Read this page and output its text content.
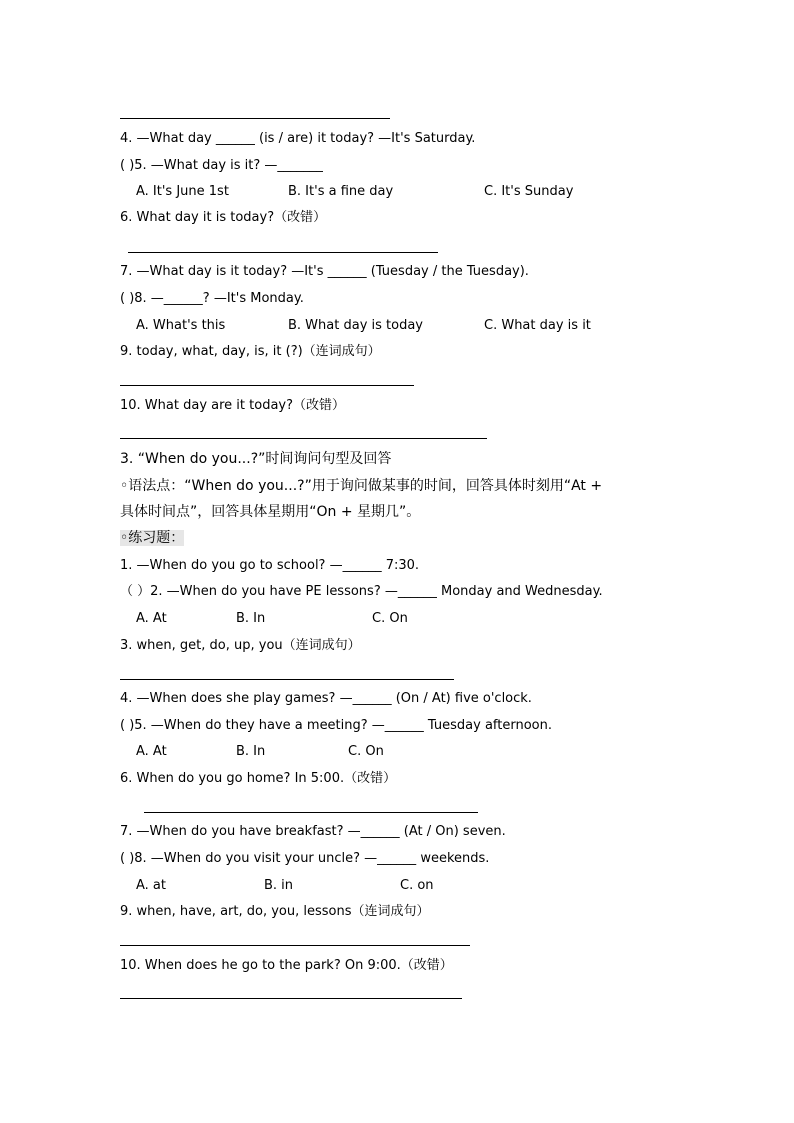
4. —What day ______ (is / are) it today? —It's Saturday.
( )5. —What day is it? —_______
A. It's June 1st	B. It's a fine day	C. It's Sunday
6. What day it is today?（改错）
7. —What day is it today? —It's ______ (Tuesday / the Tuesday).
( )8. —______? —It's Monday.
A. What's this	B. What day is today	C. What day is it
9. today, what, day, is, it (?)（连词成句）
10. What day are it today?（改错）
3. “When do you...?”时间询问句型及回答
◦语法点：“When do you...?”用于询问做某事的时间，回答具体时刻用“At +
具体时间点”，回答具体星期用“On + 星期几”。
◦练习题：
1. —When do you go to school? —______ 7:30.
（ ）2. —When do you have PE lessons? —______ Monday and Wednesday.
A. At	B. In	C. On
3. when, get, do, up, you（连词成句）
4. —When does she play games? —______ (On / At) five o'clock.
( )5. —When do they have a meeting? —______ Tuesday afternoon.
A. At	B. In	C. On
6. When do you go home? In 5:00.（改错）
7. —When do you have breakfast? —______ (At / On) seven.
( )8. —When do you visit your uncle? —______ weekends.
A. at	B. in	C. on
9. when, have, art, do, you, lessons（连词成句）
10. When does he go to the park? On 9:00.（改错）
